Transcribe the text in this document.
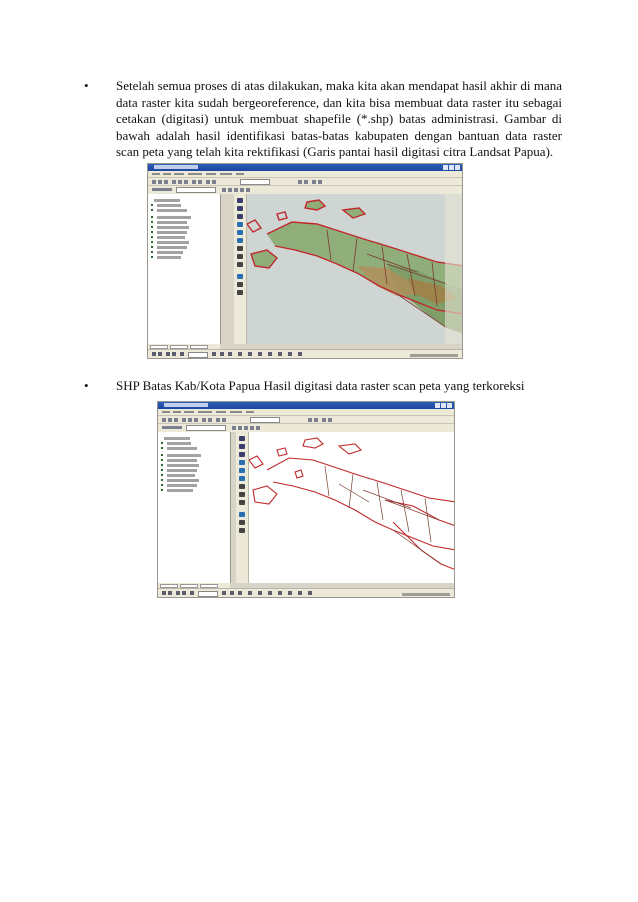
•	Setelah semua proses di atas dilakukan, maka kita akan mendapat hasil akhir di mana data raster kita sudah bergeoreference, dan kita bisa membuat data raster itu sebagai cetakan (digitasi) untuk membuat shapefile (*.shp) batas administrasi. Gambar di bawah adalah hasil identifikasi batas-batas kabupaten dengan bantuan data raster scan peta yang telah kita rektifikasi (Garis pantai hasil digitasi citra Landsat Papua).

•	SHP Batas Kab/Kota Papua Hasil digitasi data raster scan peta yang terkoreksi
